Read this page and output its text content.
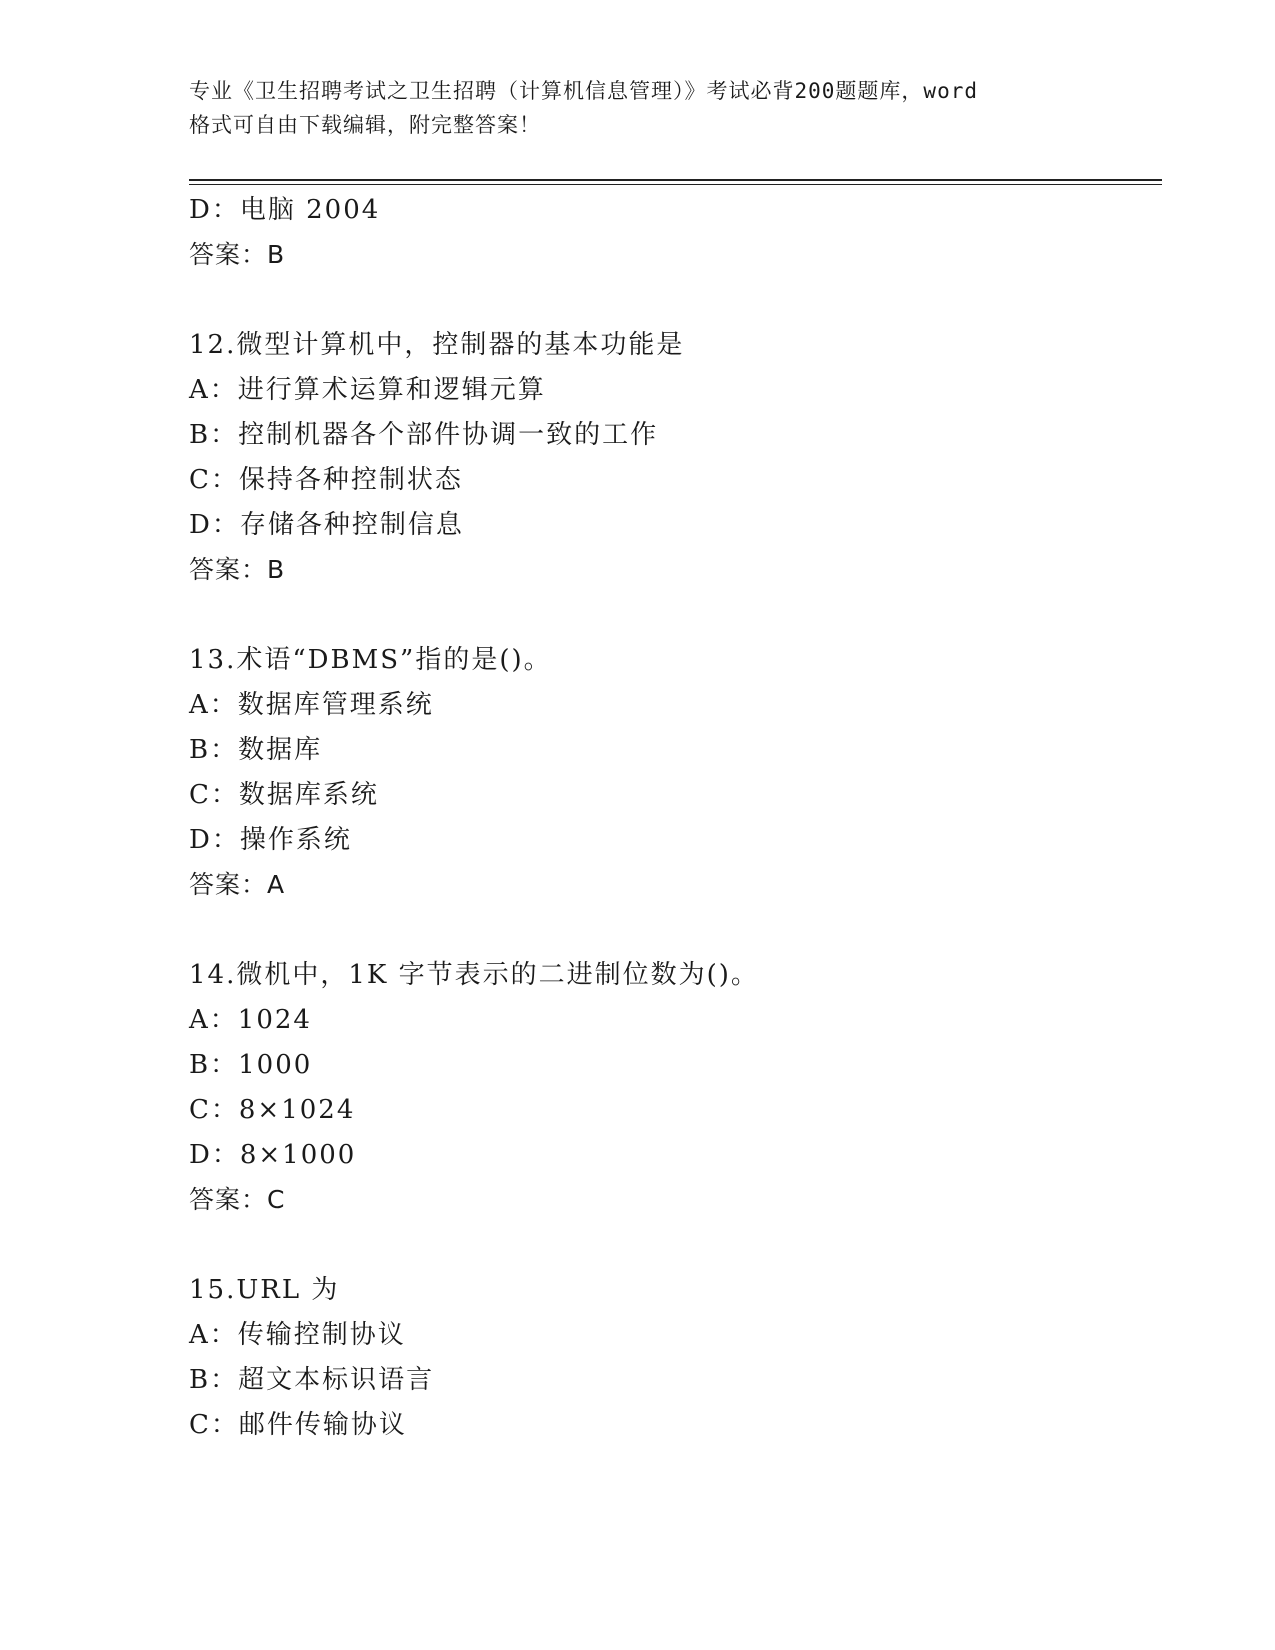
专业《卫生招聘考试之卫生招聘（计算机信息管理）》考试必背200题题库，word
格式可自由下载编辑，附完整答案！
D：电脑 2004
答案：B
12.微型计算机中，控制器的基本功能是
A：进行算术运算和逻辑元算
B：控制机器各个部件协调一致的工作
C：保持各种控制状态
D：存储各种控制信息
答案：B
13.术语“DBMS”指的是()。
A：数据库管理系统
B：数据库
C：数据库系统
D：操作系统
答案：A
14.微机中，1K 字节表示的二进制位数为()。
A：1024
B：1000
C：8×1024
D：8×1000
答案：C
15.URL 为
A：传输控制协议
B：超文本标识语言
C：邮件传输协议
